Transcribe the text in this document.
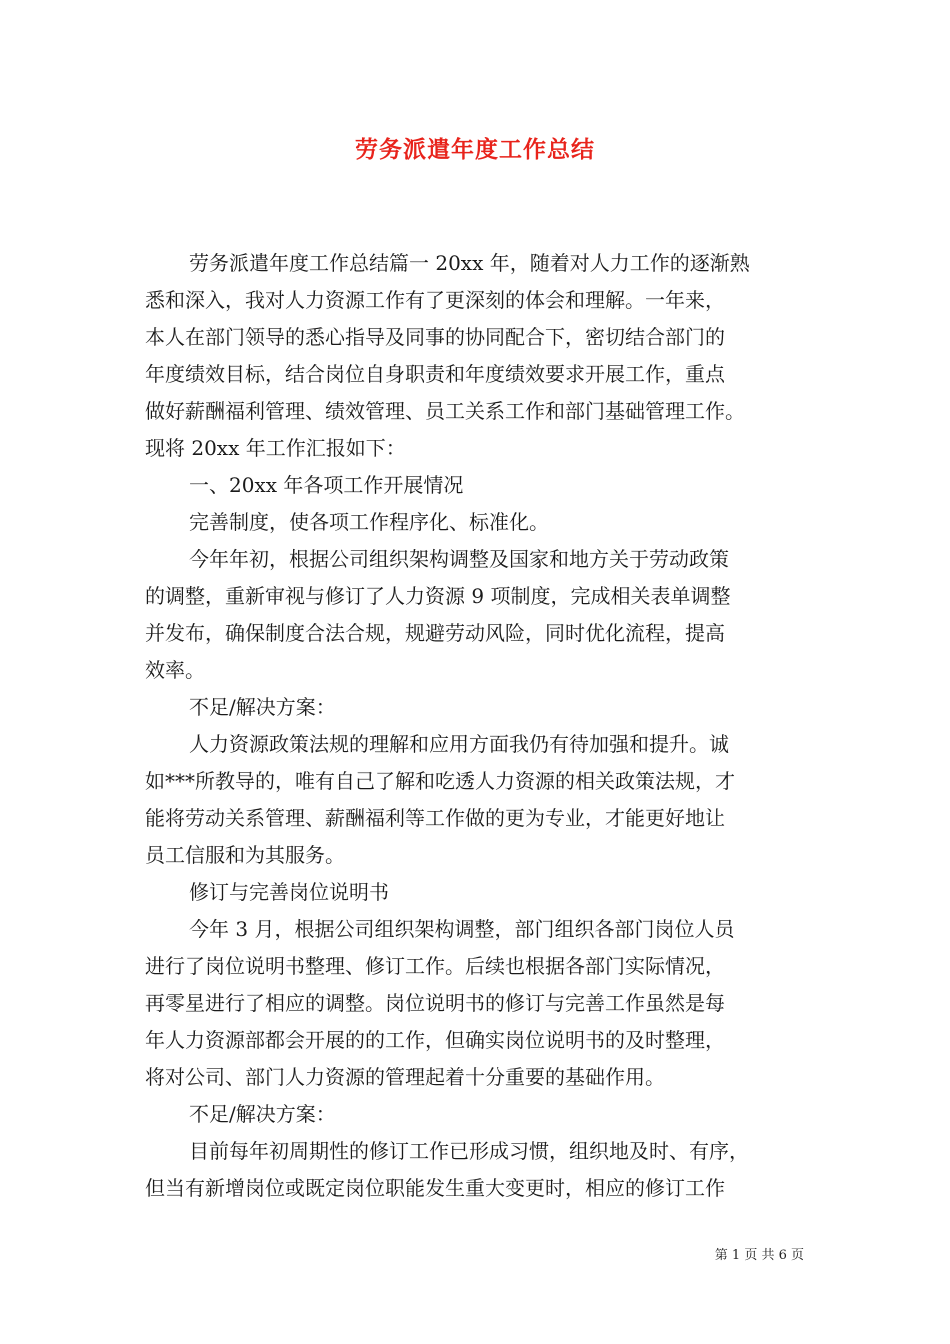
劳务派遣年度工作总结
劳务派遣年度工作总结篇一 20xx 年，随着对人力工作的逐渐熟
悉和深入，我对人力资源工作有了更深刻的体会和理解。一年来，
本人在部门领导的悉心指导及同事的协同配合下，密切结合部门的
年度绩效目标，结合岗位自身职责和年度绩效要求开展工作，重点
做好薪酬福利管理、绩效管理、员工关系工作和部门基础管理工作。
现将 20xx 年工作汇报如下：
一、20xx 年各项工作开展情况
完善制度，使各项工作程序化、标准化。
今年年初，根据公司组织架构调整及国家和地方关于劳动政策
的调整，重新审视与修订了人力资源 9 项制度，完成相关表单调整
并发布，确保制度合法合规，规避劳动风险，同时优化流程，提高
效率。
不足/解决方案：
人力资源政策法规的理解和应用方面我仍有待加强和提升。诚
如***所教导的，唯有自己了解和吃透人力资源的相关政策法规，才
能将劳动关系管理、薪酬福利等工作做的更为专业，才能更好地让
员工信服和为其服务。
修订与完善岗位说明书
今年 3 月，根据公司组织架构调整，部门组织各部门岗位人员
进行了岗位说明书整理、修订工作。后续也根据各部门实际情况，
再零星进行了相应的调整。岗位说明书的修订与完善工作虽然是每
年人力资源部都会开展的的工作，但确实岗位说明书的及时整理，
将对公司、部门人力资源的管理起着十分重要的基础作用。
不足/解决方案：
目前每年初周期性的修订工作已形成习惯，组织地及时、有序，
但当有新增岗位或既定岗位职能发生重大变更时，相应的修订工作
第 1 页 共 6 页
